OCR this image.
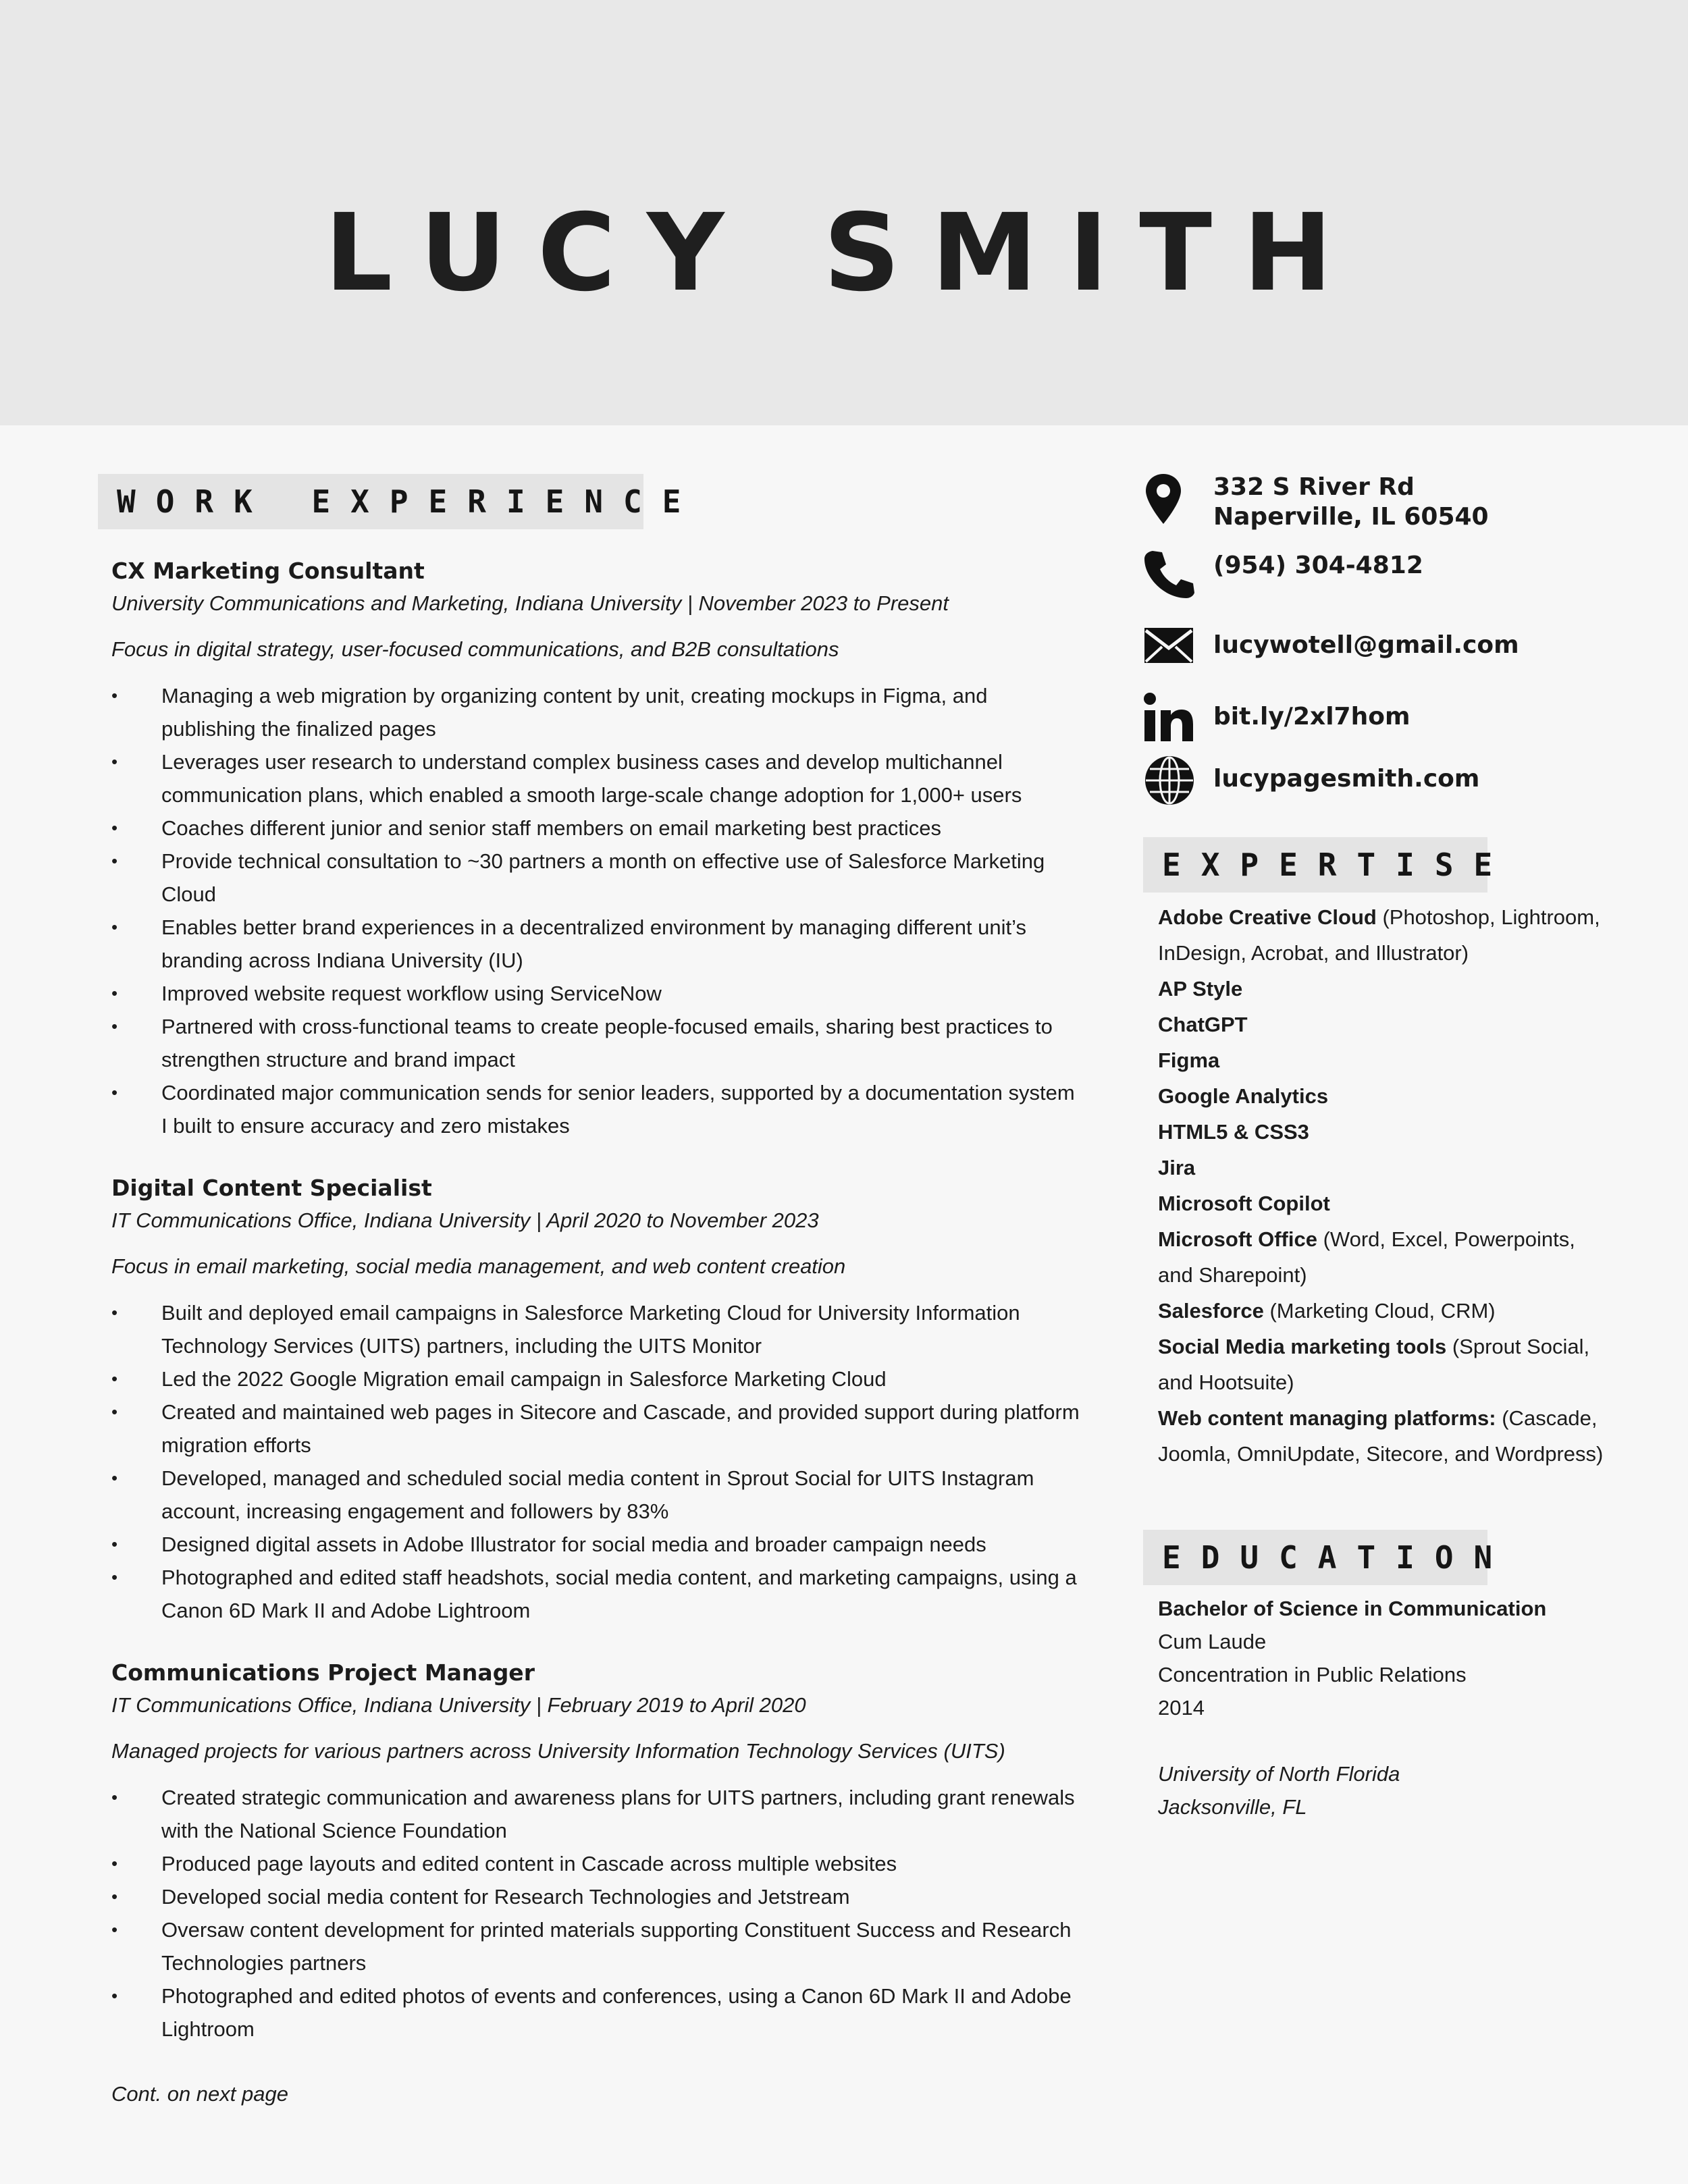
LUCY SMITH
WORK EXPERIENCE
CX Marketing Consultant
University Communications and Marketing, Indiana University | November 2023 to Present
Focus in digital strategy, user-focused communications, and B2B consultations
• Managing a web migration by organizing content by unit, creating mockups in Figma, and publishing the finalized pages
• Leverages user research to understand complex business cases and develop multichannel communication plans, which enabled a smooth large-scale change adoption for 1,000+ users
• Coaches different junior and senior staff members on email marketing best practices
• Provide technical consultation to ~30 partners a month on effective use of Salesforce Marketing Cloud
• Enables better brand experiences in a decentralized environment by managing different unit’s branding across Indiana University (IU)
• Improved website request workflow using ServiceNow
• Partnered with cross-functional teams to create people-focused emails, sharing best practices to strengthen structure and brand impact
• Coordinated major communication sends for senior leaders, supported by a documentation system I built to ensure accuracy and zero mistakes
Digital Content Specialist
IT Communications Office, Indiana University | April 2020 to November 2023
Focus in email marketing, social media management, and web content creation
• Built and deployed email campaigns in Salesforce Marketing Cloud for University Information Technology Services (UITS) partners, including the UITS Monitor
• Led the 2022 Google Migration email campaign in Salesforce Marketing Cloud
• Created and maintained web pages in Sitecore and Cascade, and provided support during platform migration efforts
• Developed, managed and scheduled social media content in Sprout Social for UITS Instagram account, increasing engagement and followers by 83%
• Designed digital assets in Adobe Illustrator for social media and broader campaign needs
• Photographed and edited staff headshots, social media content, and marketing campaigns, using a Canon 6D Mark II and Adobe Lightroom
Communications Project Manager
IT Communications Office, Indiana University | February 2019 to April 2020
Managed projects for various partners across University Information Technology Services (UITS)
• Created strategic communication and awareness plans for UITS partners, including grant renewals with the National Science Foundation
• Produced page layouts and edited content in Cascade across multiple websites
• Developed social media content for Research Technologies and Jetstream
• Oversaw content development for printed materials supporting Constituent Success and Research Technologies partners
• Photographed and edited photos of events and conferences, using a Canon 6D Mark II and Adobe Lightroom
Cont. on next page
332 S River Rd
Naperville, IL 60540
(954) 304-4812
lucywotell@gmail.com
bit.ly/2xl7hom
lucypagesmith.com
EXPERTISE
Adobe Creative Cloud (Photoshop, Lightroom, InDesign, Acrobat, and Illustrator)
AP Style
ChatGPT
Figma
Google Analytics
HTML5 & CSS3
Jira
Microsoft Copilot
Microsoft Office (Word, Excel, Powerpoints, and Sharepoint)
Salesforce (Marketing Cloud, CRM)
Social Media marketing tools (Sprout Social, and Hootsuite)
Web content managing platforms: (Cascade, Joomla, OmniUpdate, Sitecore, and Wordpress)
EDUCATION
Bachelor of Science in Communication
Cum Laude
Concentration in Public Relations
2014
University of North Florida
Jacksonville, FL
